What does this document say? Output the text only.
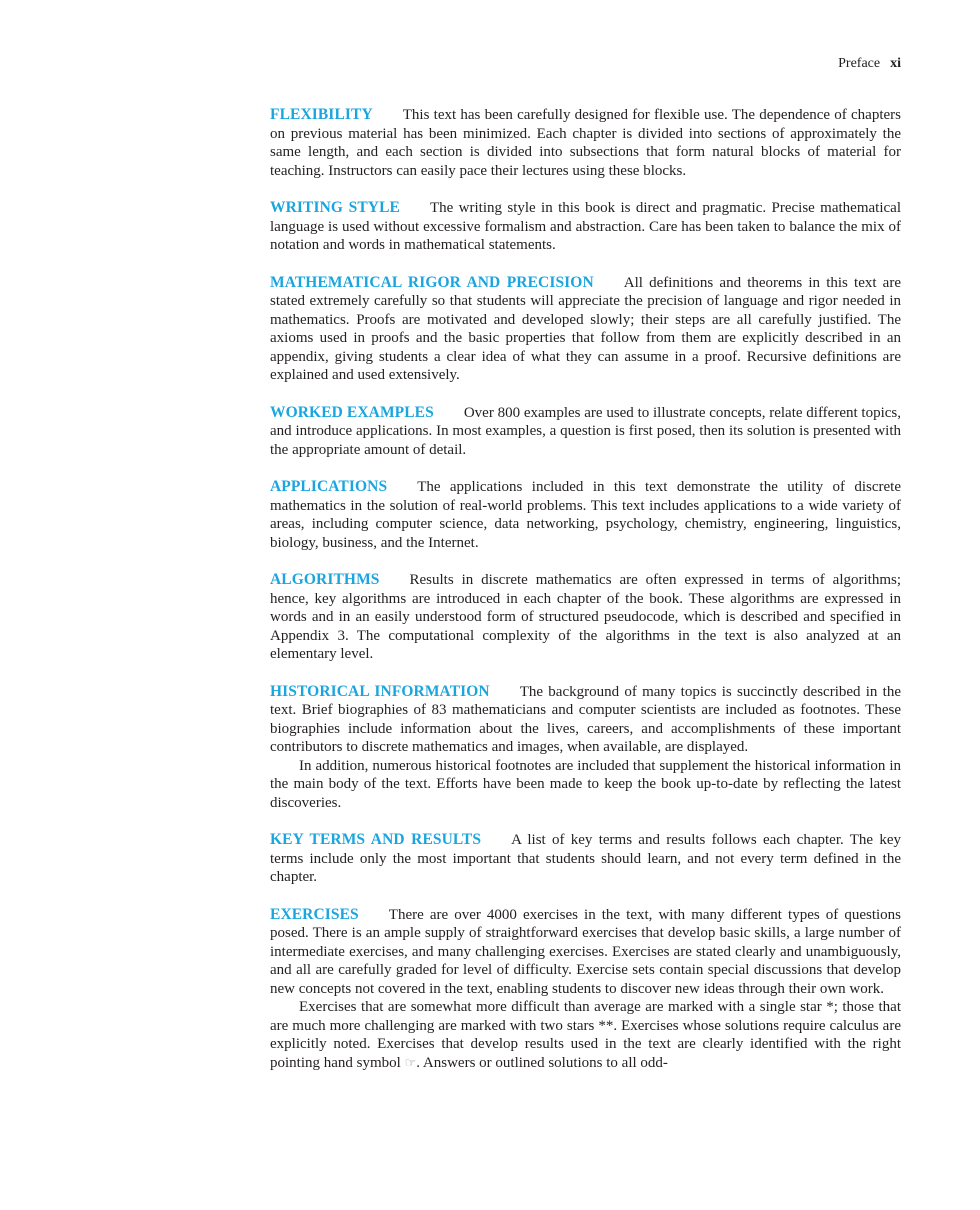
Preface xi

FLEXIBILITY This text has been carefully designed for flexible use. The dependence of chapters on previous material has been minimized. Each chapter is divided into sections of approximately the same length, and each section is divided into subsections that form natural blocks of material for teaching. Instructors can easily pace their lectures using these blocks.

WRITING STYLE The writing style in this book is direct and pragmatic. Precise mathematical language is used without excessive formalism and abstraction. Care has been taken to balance the mix of notation and words in mathematical statements.

MATHEMATICAL RIGOR AND PRECISION All definitions and theorems in this text are stated extremely carefully so that students will appreciate the precision of language and rigor needed in mathematics. Proofs are motivated and developed slowly; their steps are all carefully justified. The axioms used in proofs and the basic properties that follow from them are explicitly described in an appendix, giving students a clear idea of what they can assume in a proof. Recursive definitions are explained and used extensively.

WORKED EXAMPLES Over 800 examples are used to illustrate concepts, relate different topics, and introduce applications. In most examples, a question is first posed, then its solution is presented with the appropriate amount of detail.

APPLICATIONS The applications included in this text demonstrate the utility of discrete mathematics in the solution of real-world problems. This text includes applications to a wide variety of areas, including computer science, data networking, psychology, chemistry, engineering, linguistics, biology, business, and the Internet.

ALGORITHMS Results in discrete mathematics are often expressed in terms of algorithms; hence, key algorithms are introduced in each chapter of the book. These algorithms are expressed in words and in an easily understood form of structured pseudocode, which is described and specified in Appendix 3. The computational complexity of the algorithms in the text is also analyzed at an elementary level.

HISTORICAL INFORMATION The background of many topics is succinctly described in the text. Brief biographies of 83 mathematicians and computer scientists are included as footnotes. These biographies include information about the lives, careers, and accomplishments of these important contributors to discrete mathematics and images, when available, are displayed.

In addition, numerous historical footnotes are included that supplement the historical information in the main body of the text. Efforts have been made to keep the book up-to-date by reflecting the latest discoveries.

KEY TERMS AND RESULTS A list of key terms and results follows each chapter. The key terms include only the most important that students should learn, and not every term defined in the chapter.

EXERCISES There are over 4000 exercises in the text, with many different types of questions posed. There is an ample supply of straightforward exercises that develop basic skills, a large number of intermediate exercises, and many challenging exercises. Exercises are stated clearly and unambiguously, and all are carefully graded for level of difficulty. Exercise sets contain special discussions that develop new concepts not covered in the text, enabling students to discover new ideas through their own work.

Exercises that are somewhat more difficult than average are marked with a single star *; those that are much more challenging are marked with two stars **. Exercises whose solutions require calculus are explicitly noted. Exercises that develop results used in the text are clearly identified with the right pointing hand symbol ☞. Answers or outlined solutions to all odd-
